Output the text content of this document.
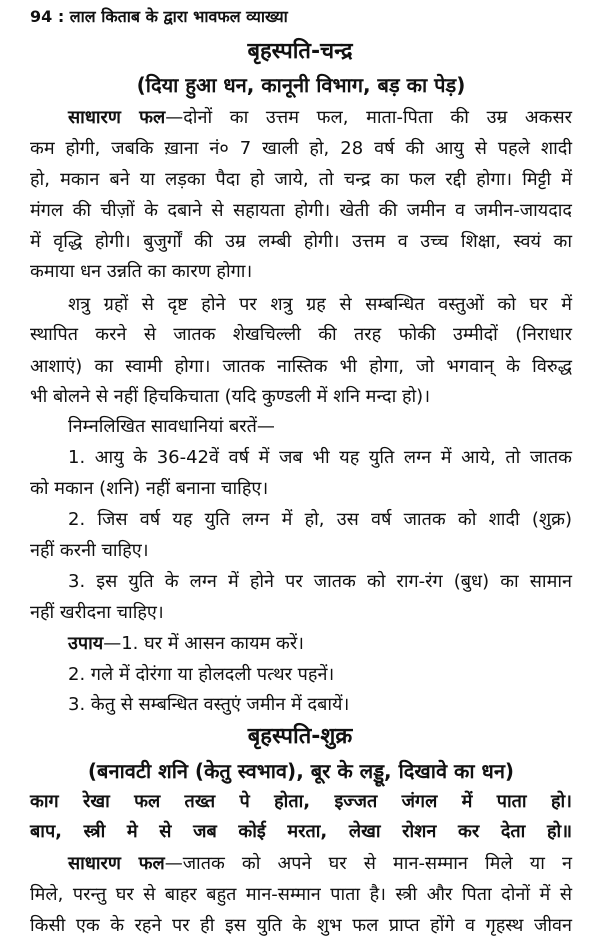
94 : लाल किताब के द्वारा भावफल व्याख्या
बृहस्पति-चन्द्र
(दिया हुआ धन, कानूनी विभाग, बड़ का पेड़)
साधारण फल—दोनों का उत्तम फल, माता-पिता की उम्र अकसर
कम होगी, जबकि ख़ाना नं० 7 खाली हो, 28 वर्ष की आयु से पहले शादी
हो, मकान बने या लड़का पैदा हो जाये, तो चन्द्र का फल रद्दी होगा। मिट्टी में
मंगल की चीज़ों के दबाने से सहायता होगी। खेती की जमीन व जमीन-जायदाद
में वृद्धि होगी। बुजुर्गों की उम्र लम्बी होगी। उत्तम व उच्च शिक्षा, स्वयं का
कमाया धन उन्नति का कारण होगा।
शत्रु ग्रहों से दृष्ट होने पर शत्रु ग्रह से सम्बन्धित वस्तुओं को घर में
स्थापित करने से जातक शेखचिल्ली की तरह फोकी उम्मीदों (निराधार
आशाएं) का स्वामी होगा। जातक नास्तिक भी होगा, जो भगवान् के विरुद्ध
भी बोलने से नहीं हिचकिचाता (यदि कुण्डली में शनि मन्दा हो)।
निम्नलिखित सावधानियां बरतें—
1. आयु के 36-42वें वर्ष में जब भी यह युति लग्न में आये, तो जातक
को मकान (शनि) नहीं बनाना चाहिए।
2. जिस वर्ष यह युति लग्न में हो, उस वर्ष जातक को शादी (शुक्र)
नहीं करनी चाहिए।
3. इस युति के लग्न में होने पर जातक को राग-रंग (बुध) का सामान
नहीं खरीदना चाहिए।
उपाय—1. घर में आसन कायम करें।
2. गले में दोरंगा या होलदली पत्थर पहनें।
3. केतु से सम्बन्धित वस्तुएं जमीन में दबायें।
बृहस्पति-शुक्र
(बनावटी शनि (केतु स्वभाव), बूर के लड्डू, दिखावे का धन)
काग रेखा फल तख्त पे होता, इज्जत जंगल में पाता हो।
बाप, स्त्री मे से जब कोई मरता, लेखा रोशन कर देता हो॥
साधारण फल—जातक को अपने घर से मान-सम्मान मिले या न
मिले, परन्तु घर से बाहर बहुत मान-सम्मान पाता है। स्त्री और पिता दोनों में से
किसी एक के रहने पर ही इस युति के शुभ फल प्राप्त होंगे व गृहस्थ जीवन
